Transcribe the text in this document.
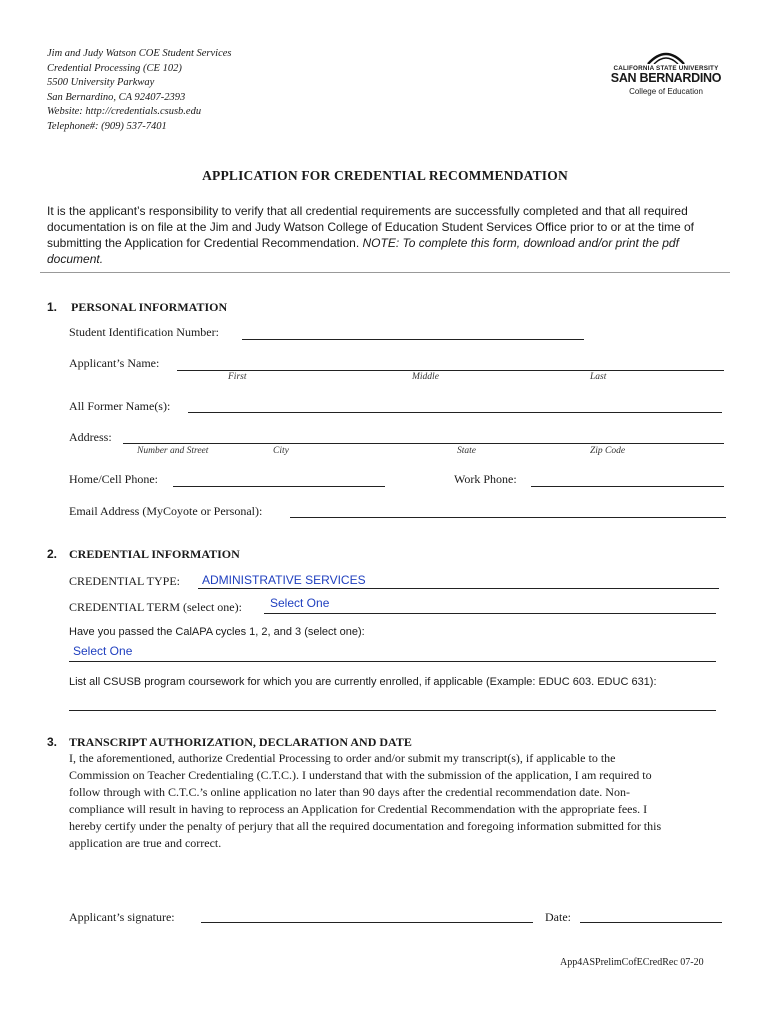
Jim and Judy Watson COE Student Services
Credential Processing (CE 102)
5500 University Parkway
San Bernardino, CA 92407-2393
Website: http://credentials.csusb.edu
Telephone#: (909) 537-7401
CALIFORNIA STATE UNIVERSITY
SAN BERNARDINO
College of Education
APPLICATION FOR CREDENTIAL RECOMMENDATION
It is the applicant’s responsibility to verify that all credential requirements are successfully completed and that all required documentation is on file at the Jim and Judy Watson College of Education Student Services Office prior to or at the time of submitting the Application for Credential Recommendation. NOTE: To complete this form, download and/or print the pdf document.
1. PERSONAL INFORMATION
Student Identification Number:
Applicant’s Name:
First	Middle	Last
All Former Name(s):
Address:
Number and Street	City	State	Zip Code
Home/Cell Phone:	Work Phone:
Email Address (MyCoyote or Personal):
2. CREDENTIAL INFORMATION
CREDENTIAL TYPE: ADMINISTRATIVE SERVICES
CREDENTIAL TERM (select one): Select One
Have you passed the CalAPA cycles 1, 2, and 3 (select one):
Select One
List all CSUSB program coursework for which you are currently enrolled, if applicable (Example: EDUC 603. EDUC 631):
3. TRANSCRIPT AUTHORIZATION, DECLARATION AND DATE
I, the aforementioned, authorize Credential Processing to order and/or submit my transcript(s), if applicable to the
Commission on Teacher Credentialing (C.T.C.). I understand that with the submission of the application, I am required to
follow through with C.T.C.’s online application no later than 90 days after the credential recommendation date. Non-
compliance will result in having to reprocess an Application for Credential Recommendation with the appropriate fees. I
hereby certify under the penalty of perjury that all the required documentation and foregoing information submitted for this
application are true and correct.
Applicant’s signature:	Date:
App4ASPrelimCofECredRec 07-20
